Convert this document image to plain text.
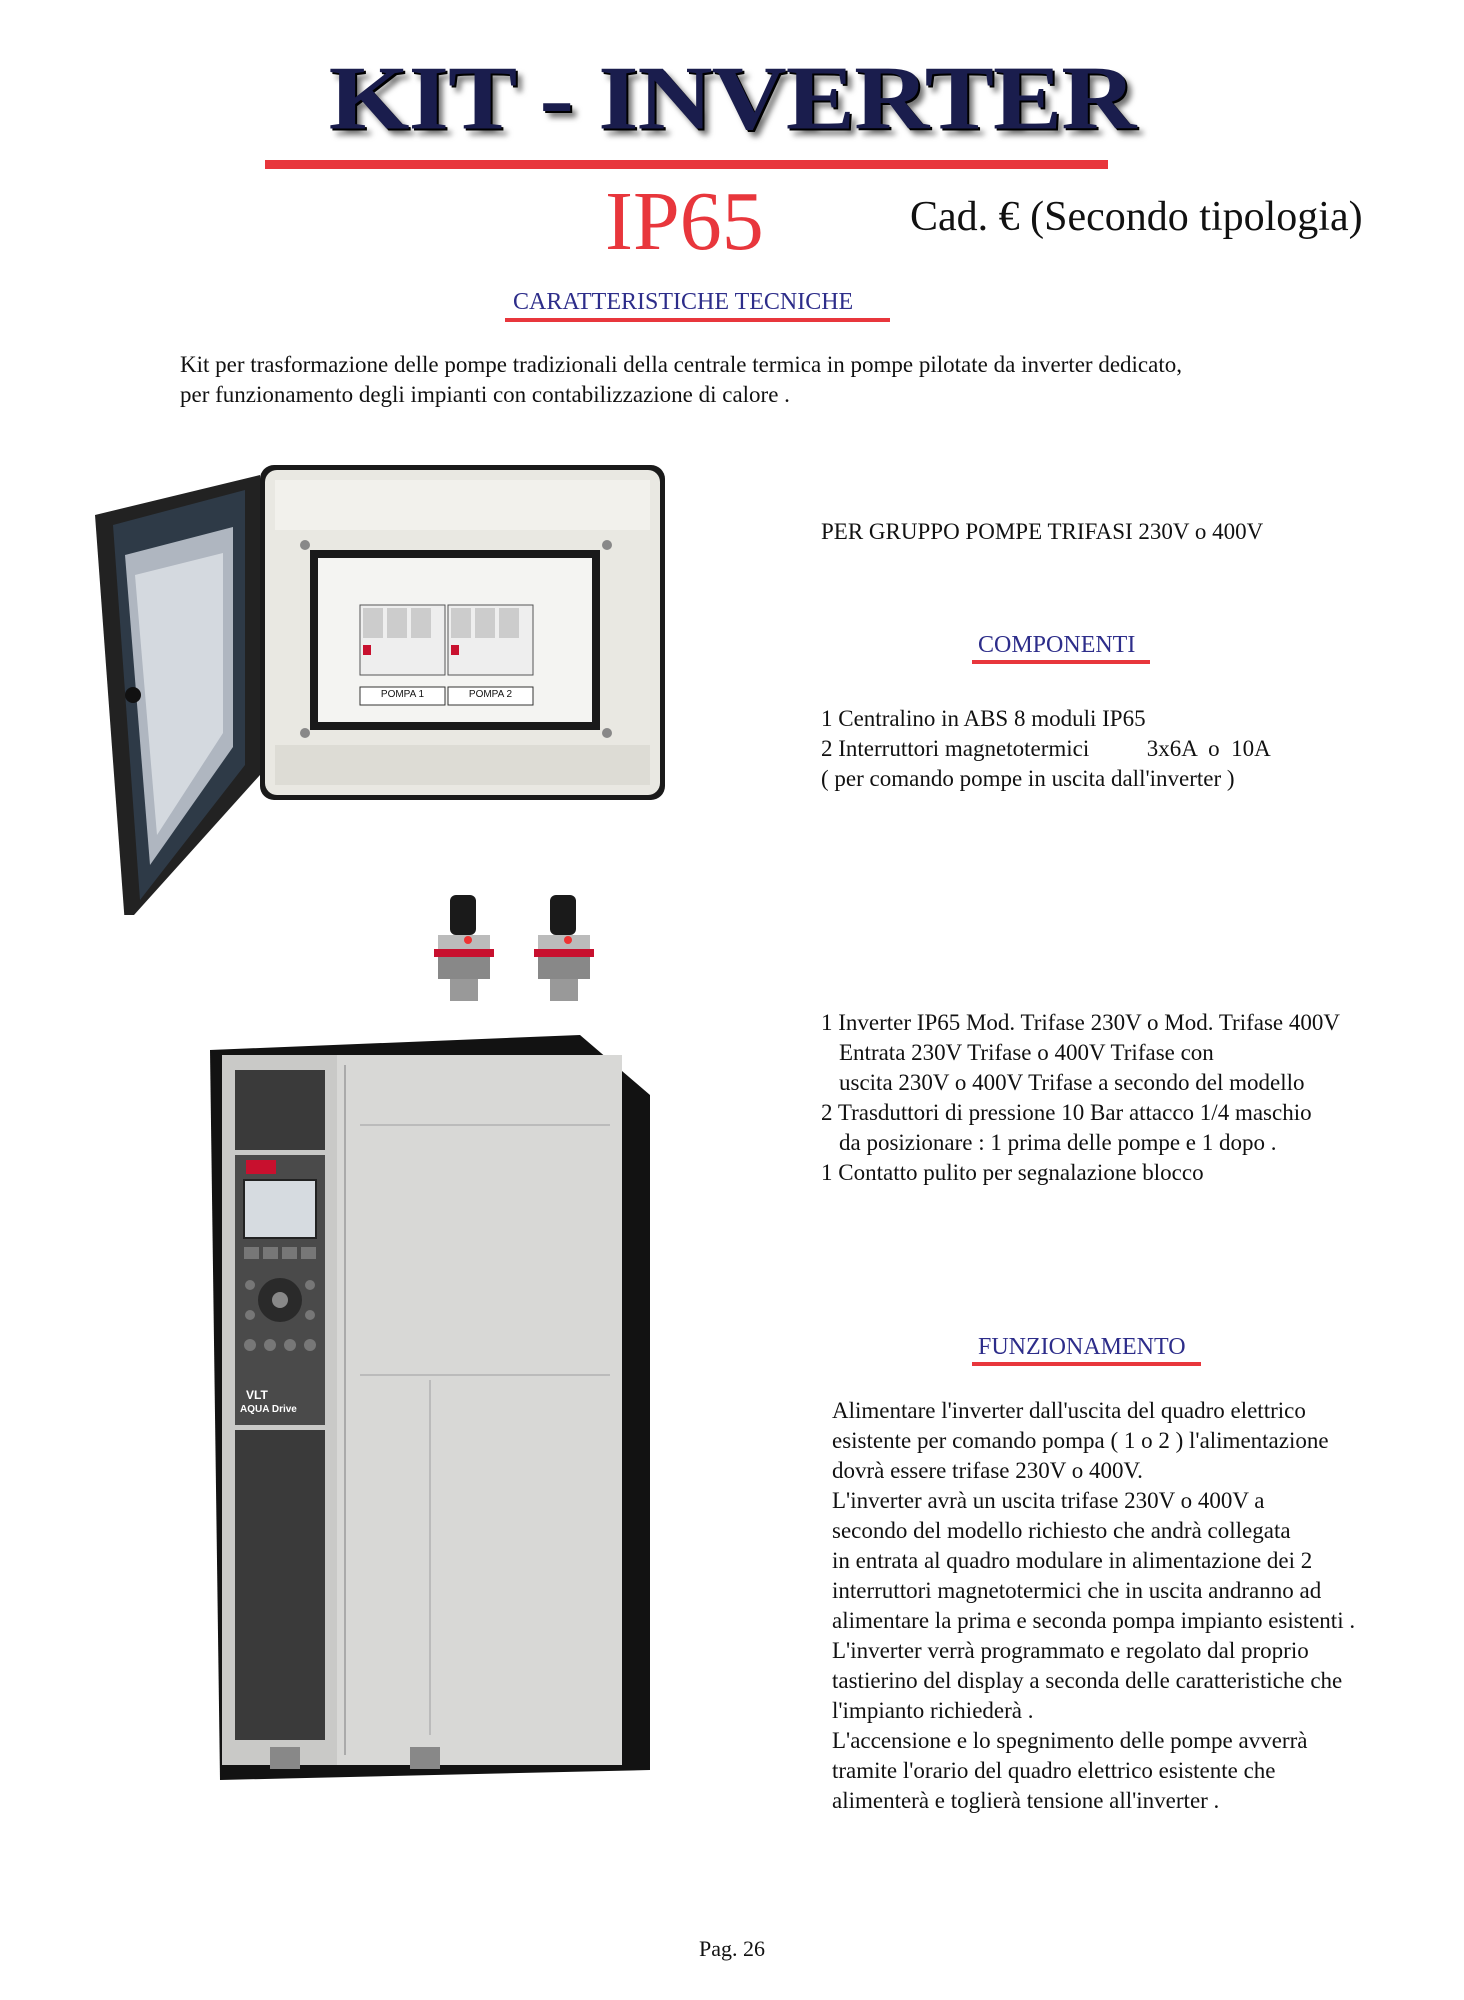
KIT - INVERTER
IP65	Cad. € (Secondo tipologia)
CARATTERISTICHE TECNICHE
Kit per trasformazione delle pompe tradizionali della centrale termica in pompe pilotate da inverter dedicato,
per funzionamento degli impianti con contabilizzazione di calore .
POMPA 1	POMPA 2
PER GRUPPO POMPE TRIFASI 230V o 400V
COMPONENTI
1 Centralino in ABS 8 moduli IP65
2 Interruttori magnetotermici          3x6A  o  10A
( per comando pompe in uscita dall'inverter )
VLT
AQUA Drive
1 Inverter IP65 Mod. Trifase 230V o Mod. Trifase 400V
Entrata 230V Trifase o 400V Trifase con
uscita 230V o 400V Trifase a secondo del modello
2 Trasduttori di pressione 10 Bar attacco 1/4 maschio
da posizionare : 1 prima delle pompe e 1 dopo .
1 Contatto pulito per segnalazione blocco
FUNZIONAMENTO
Alimentare l'inverter dall'uscita del quadro elettrico
esistente per comando pompa ( 1 o 2 ) l'alimentazione
dovrà essere trifase 230V o 400V.
L'inverter avrà un uscita trifase 230V o 400V a
secondo del modello richiesto che andrà collegata
in entrata al quadro modulare in alimentazione dei 2
interruttori magnetotermici che in uscita andranno ad
alimentare la prima e seconda pompa impianto esistenti .
L'inverter verrà programmato e regolato dal proprio
tastierino del display a seconda delle caratteristiche che
l'impianto richiederà .
L'accensione e lo spegnimento delle pompe avverrà
tramite l'orario del quadro elettrico esistente che
alimenterà e toglierà tensione all'inverter .
Pag. 26
